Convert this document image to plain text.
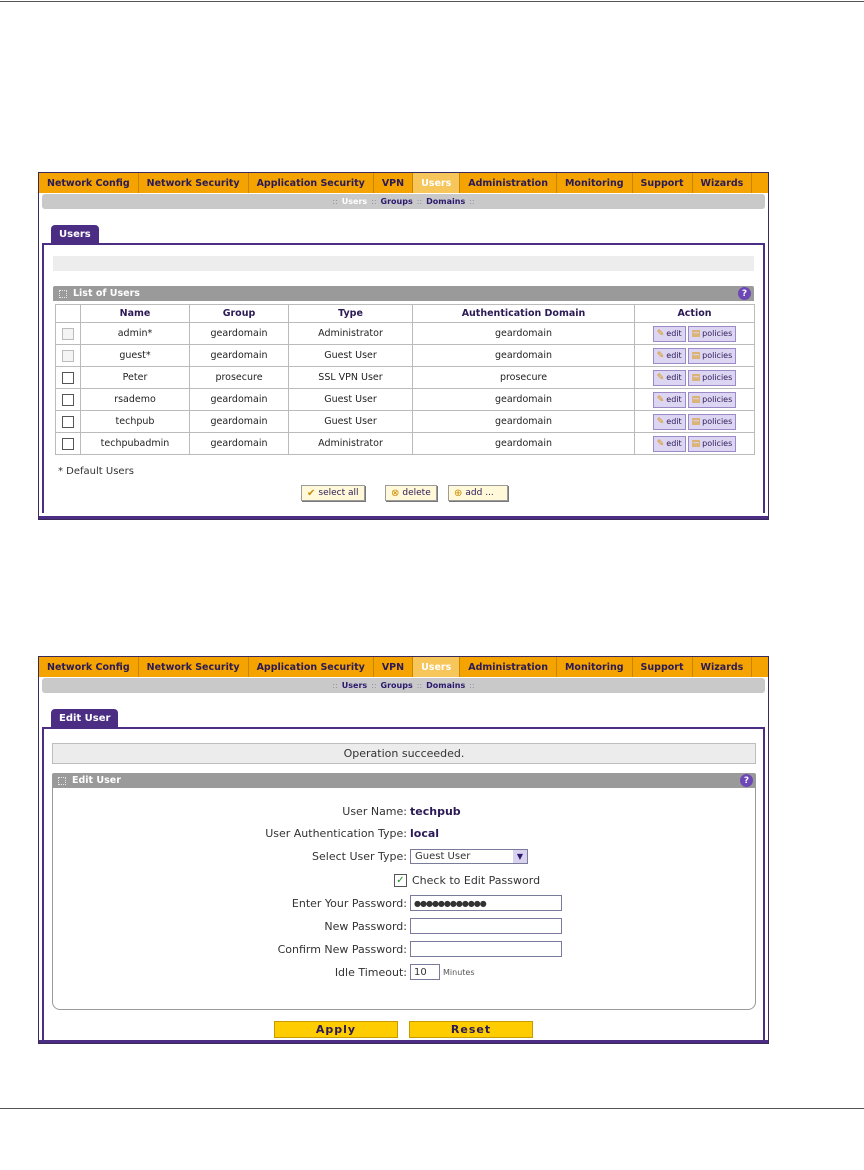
Network Config	Network Security	Application Security	VPN	Users	Administration	Monitoring	Support	Wizards
:: Users :: Groups :: Domains ::
Users
List of Users	?
	Name	Group	Type	Authentication Domain	Action
	admin*	geardomain	Administrator	geardomain	✎ edit ▤ policies

	guest*	geardomain	Guest User	geardomain	✎ edit ▤ policies

	Peter	prosecure	SSL VPN User	prosecure	✎ edit ▤ policies

	rsademo	geardomain	Guest User	geardomain	✎ edit ▤ policies

	techpub	geardomain	Guest User	geardomain	✎ edit ▤ policies

	techpubadmin	geardomain	Administrator	geardomain	✎ edit ▤ policies
* Default Users
✔ select all	⊗ delete ⊕ add ...
Network Config	Network Security	Application Security	VPN	Users	Administration	Monitoring	Support	Wizards
:: Users :: Groups :: Domains ::
Edit User
Operation succeeded.
Edit User	?
User Name: techpub
User Authentication Type: local
Select User Type: Guest User	▼
✓ Check to Edit Password
Enter Your Password: ●●●●●●●●●●●●
New Password:
Confirm New Password:
Idle Timeout: 10	Minutes
Apply	Reset
